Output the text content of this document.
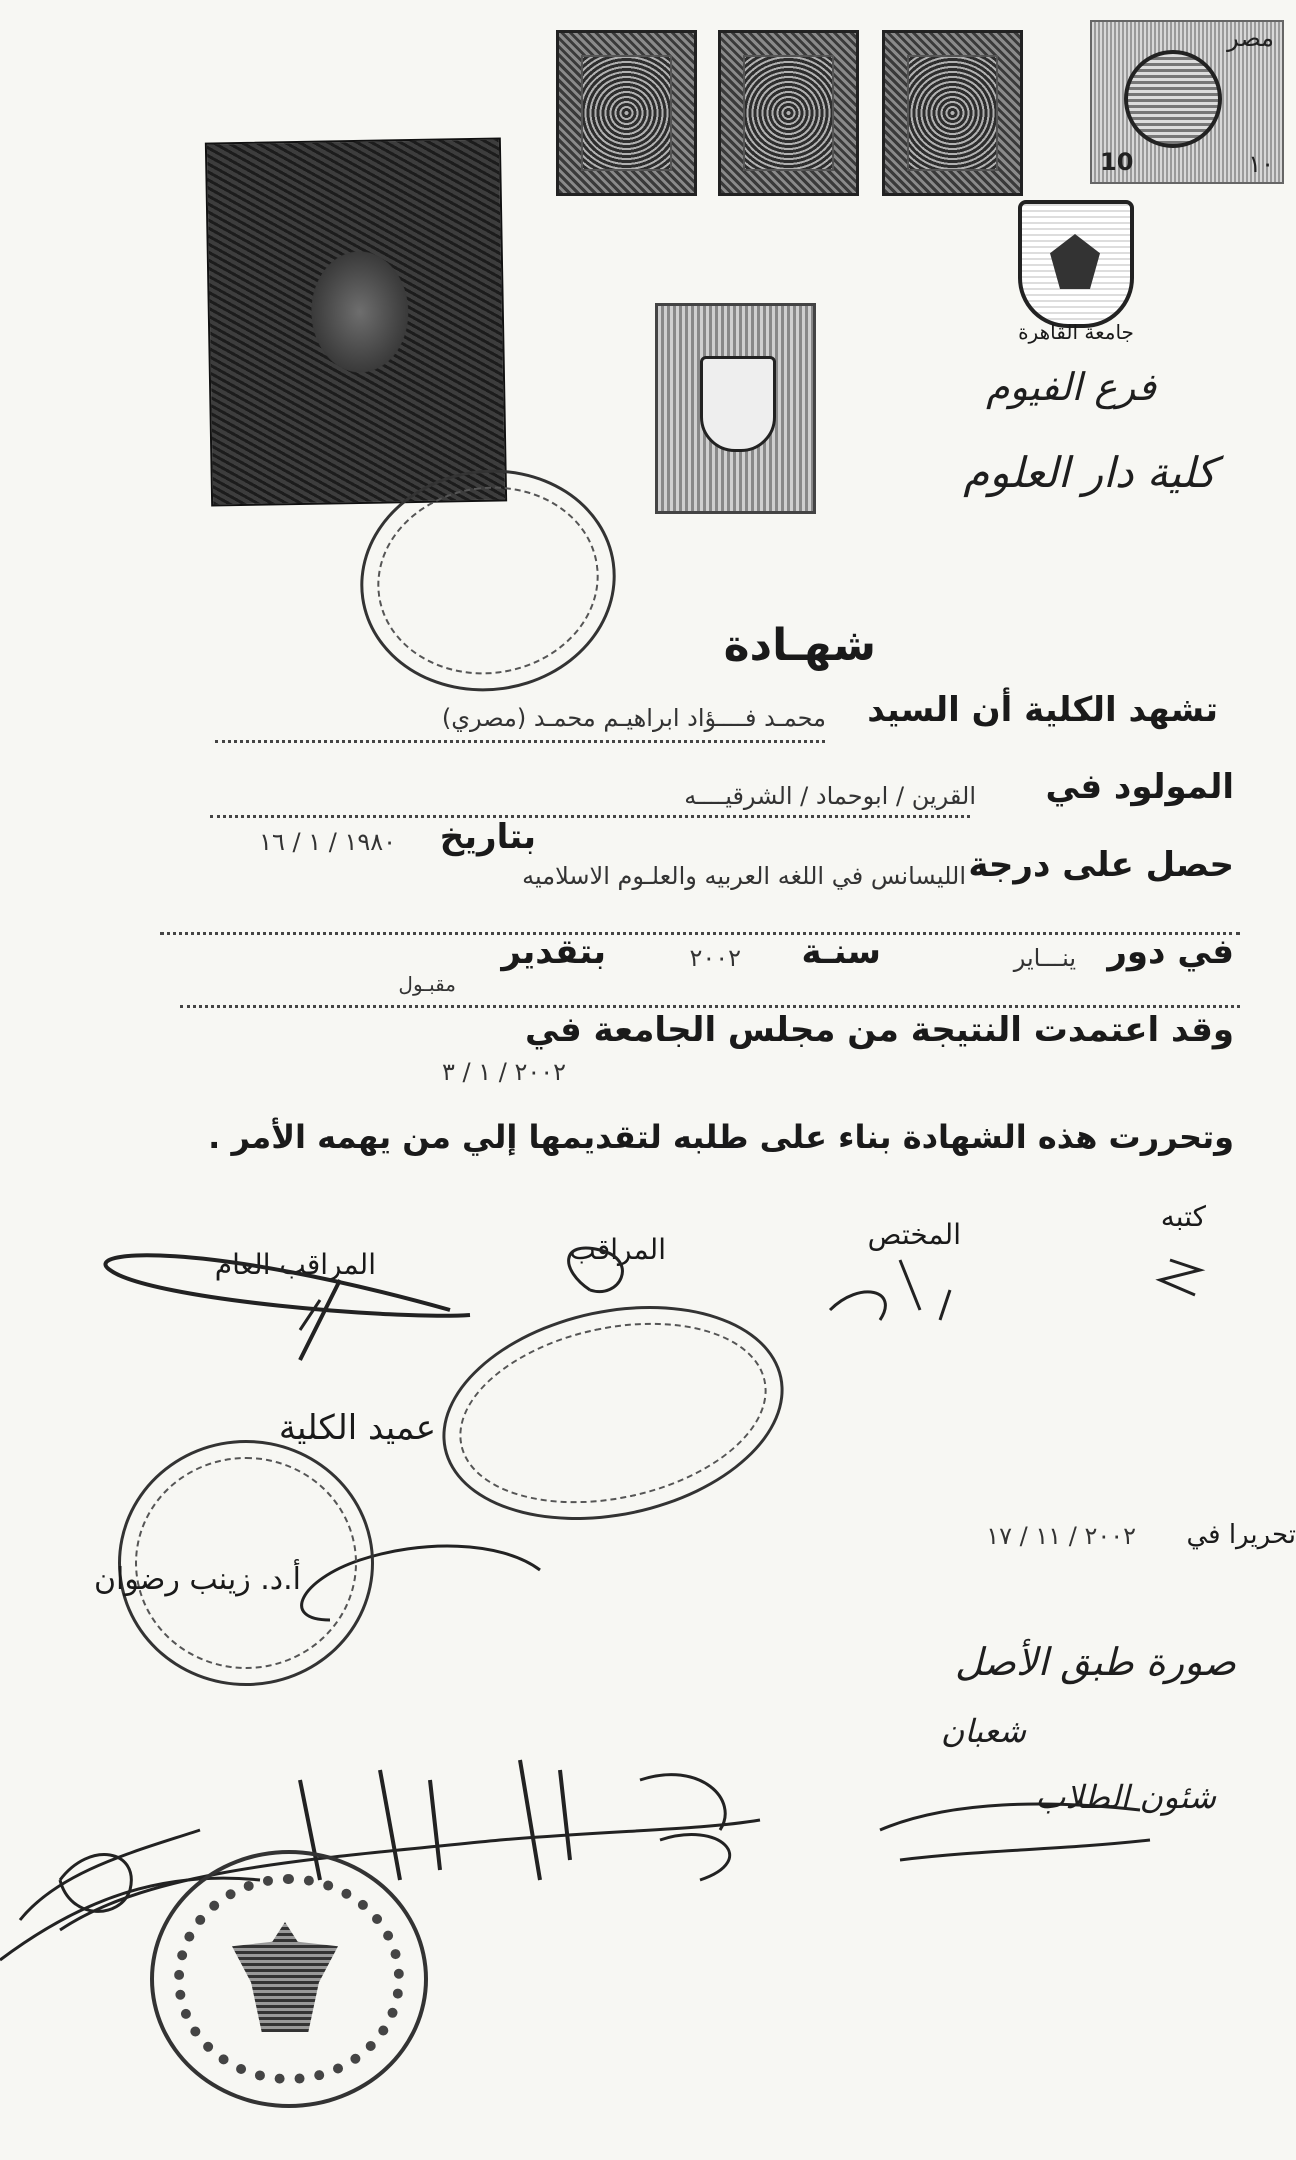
مصر
10	١٠
جامعة القاهرة
فرع الفيوم
كلية دار العلوم
شهـادة
تشهد الكلية أن السيد
محمـد فــــؤاد ابراهيـم محمـد (مصري)
المولود في
القرين / ابوحماد / الشرقيــــه
بتاريخ
١٩٨٠ / ١ / ١٦
حصل على درجة
الليسانس في اللغه العربيه والعلـوم الاسلاميه
في دور
ينـــاير
سنـة
٢٠٠٢
بتقدير
مقبـول
وقد اعتمدت النتيجة من مجلس الجامعة في
٢٠٠٢ / ١ / ٣
وتحررت هذه الشهادة بناء على طلبه لتقديمها إلي من يهمه الأمر .
كتبه
المختص
المراقب
المراقب العام
عميد الكلية
أ.د. زينب رضوان
تحريرا في
٢٠٠٢ / ١١ / ١٧
صورة طبق الأصل
شعبان
شئون الطلاب
